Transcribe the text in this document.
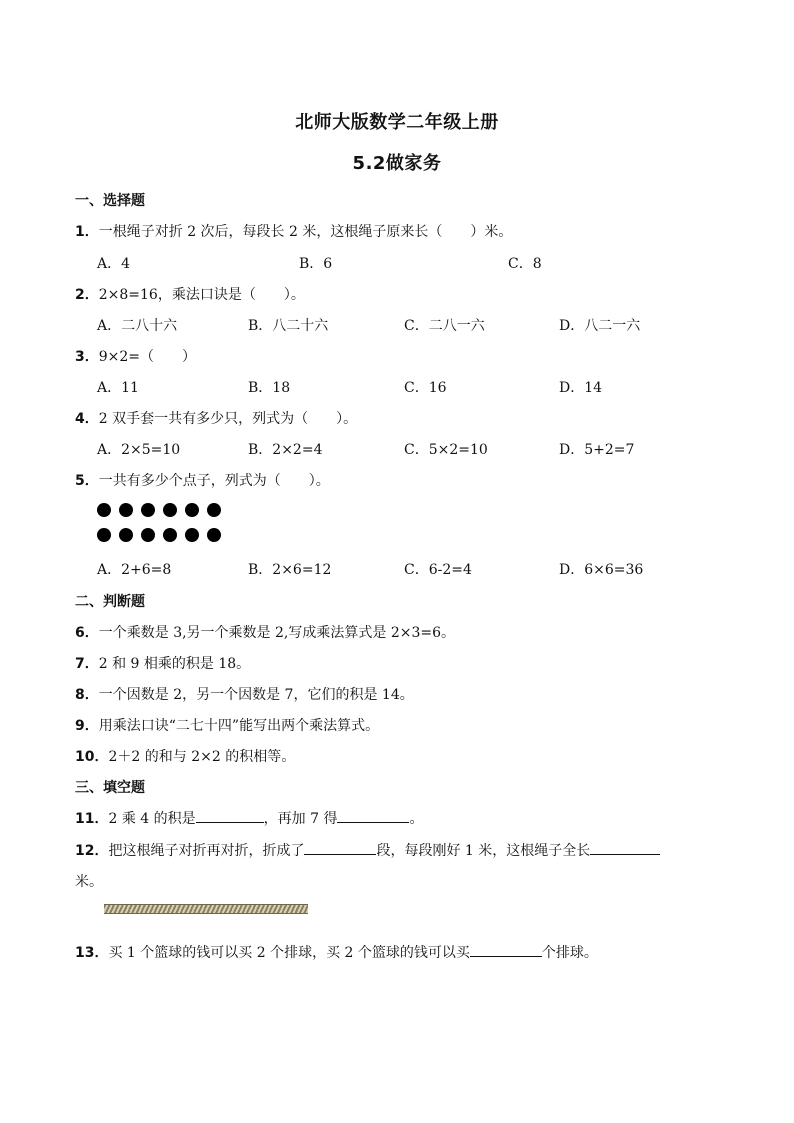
北师大版数学二年级上册
5.2做家务
一、选择题
1．一根绳子对折 2 次后，每段长 2 米，这根绳子原来长（　　）米。
A．4	B．6	C．8
2．2×8=16，乘法口诀是（　　）。
A．二八十六	B．八二十六	C．二八一六	D．八二一六
3．9×2=（　　）
A．11	B．18	C．16	D．14
4．2 双手套一共有多少只，列式为（　　）。
A．2×5=10	B．2×2=4	C．5×2=10	D．5+2=7
5．一共有多少个点子，列式为（　　）。
A．2+6=8	B．2×6=12	C．6-2=4	D．6×6=36
二、判断题
6．一个乘数是 3,另一个乘数是 2,写成乘法算式是 2×3=6。
7．2 和 9 相乘的积是 18。
8．一个因数是 2，另一个因数是 7，它们的积是 14。
9．用乘法口诀“二七十四”能写出两个乘法算式。
10．2＋2 的和与 2×2 的积相等。
三、填空题
11．2 乘 4 的积是	，再加 7 得	。
12．把这根绳子对折再对折，折成了	段，每段刚好 1 米，这根绳子全长
米。
13．买 1 个篮球的钱可以买 2 个排球，买 2 个篮球的钱可以买	个排球。
